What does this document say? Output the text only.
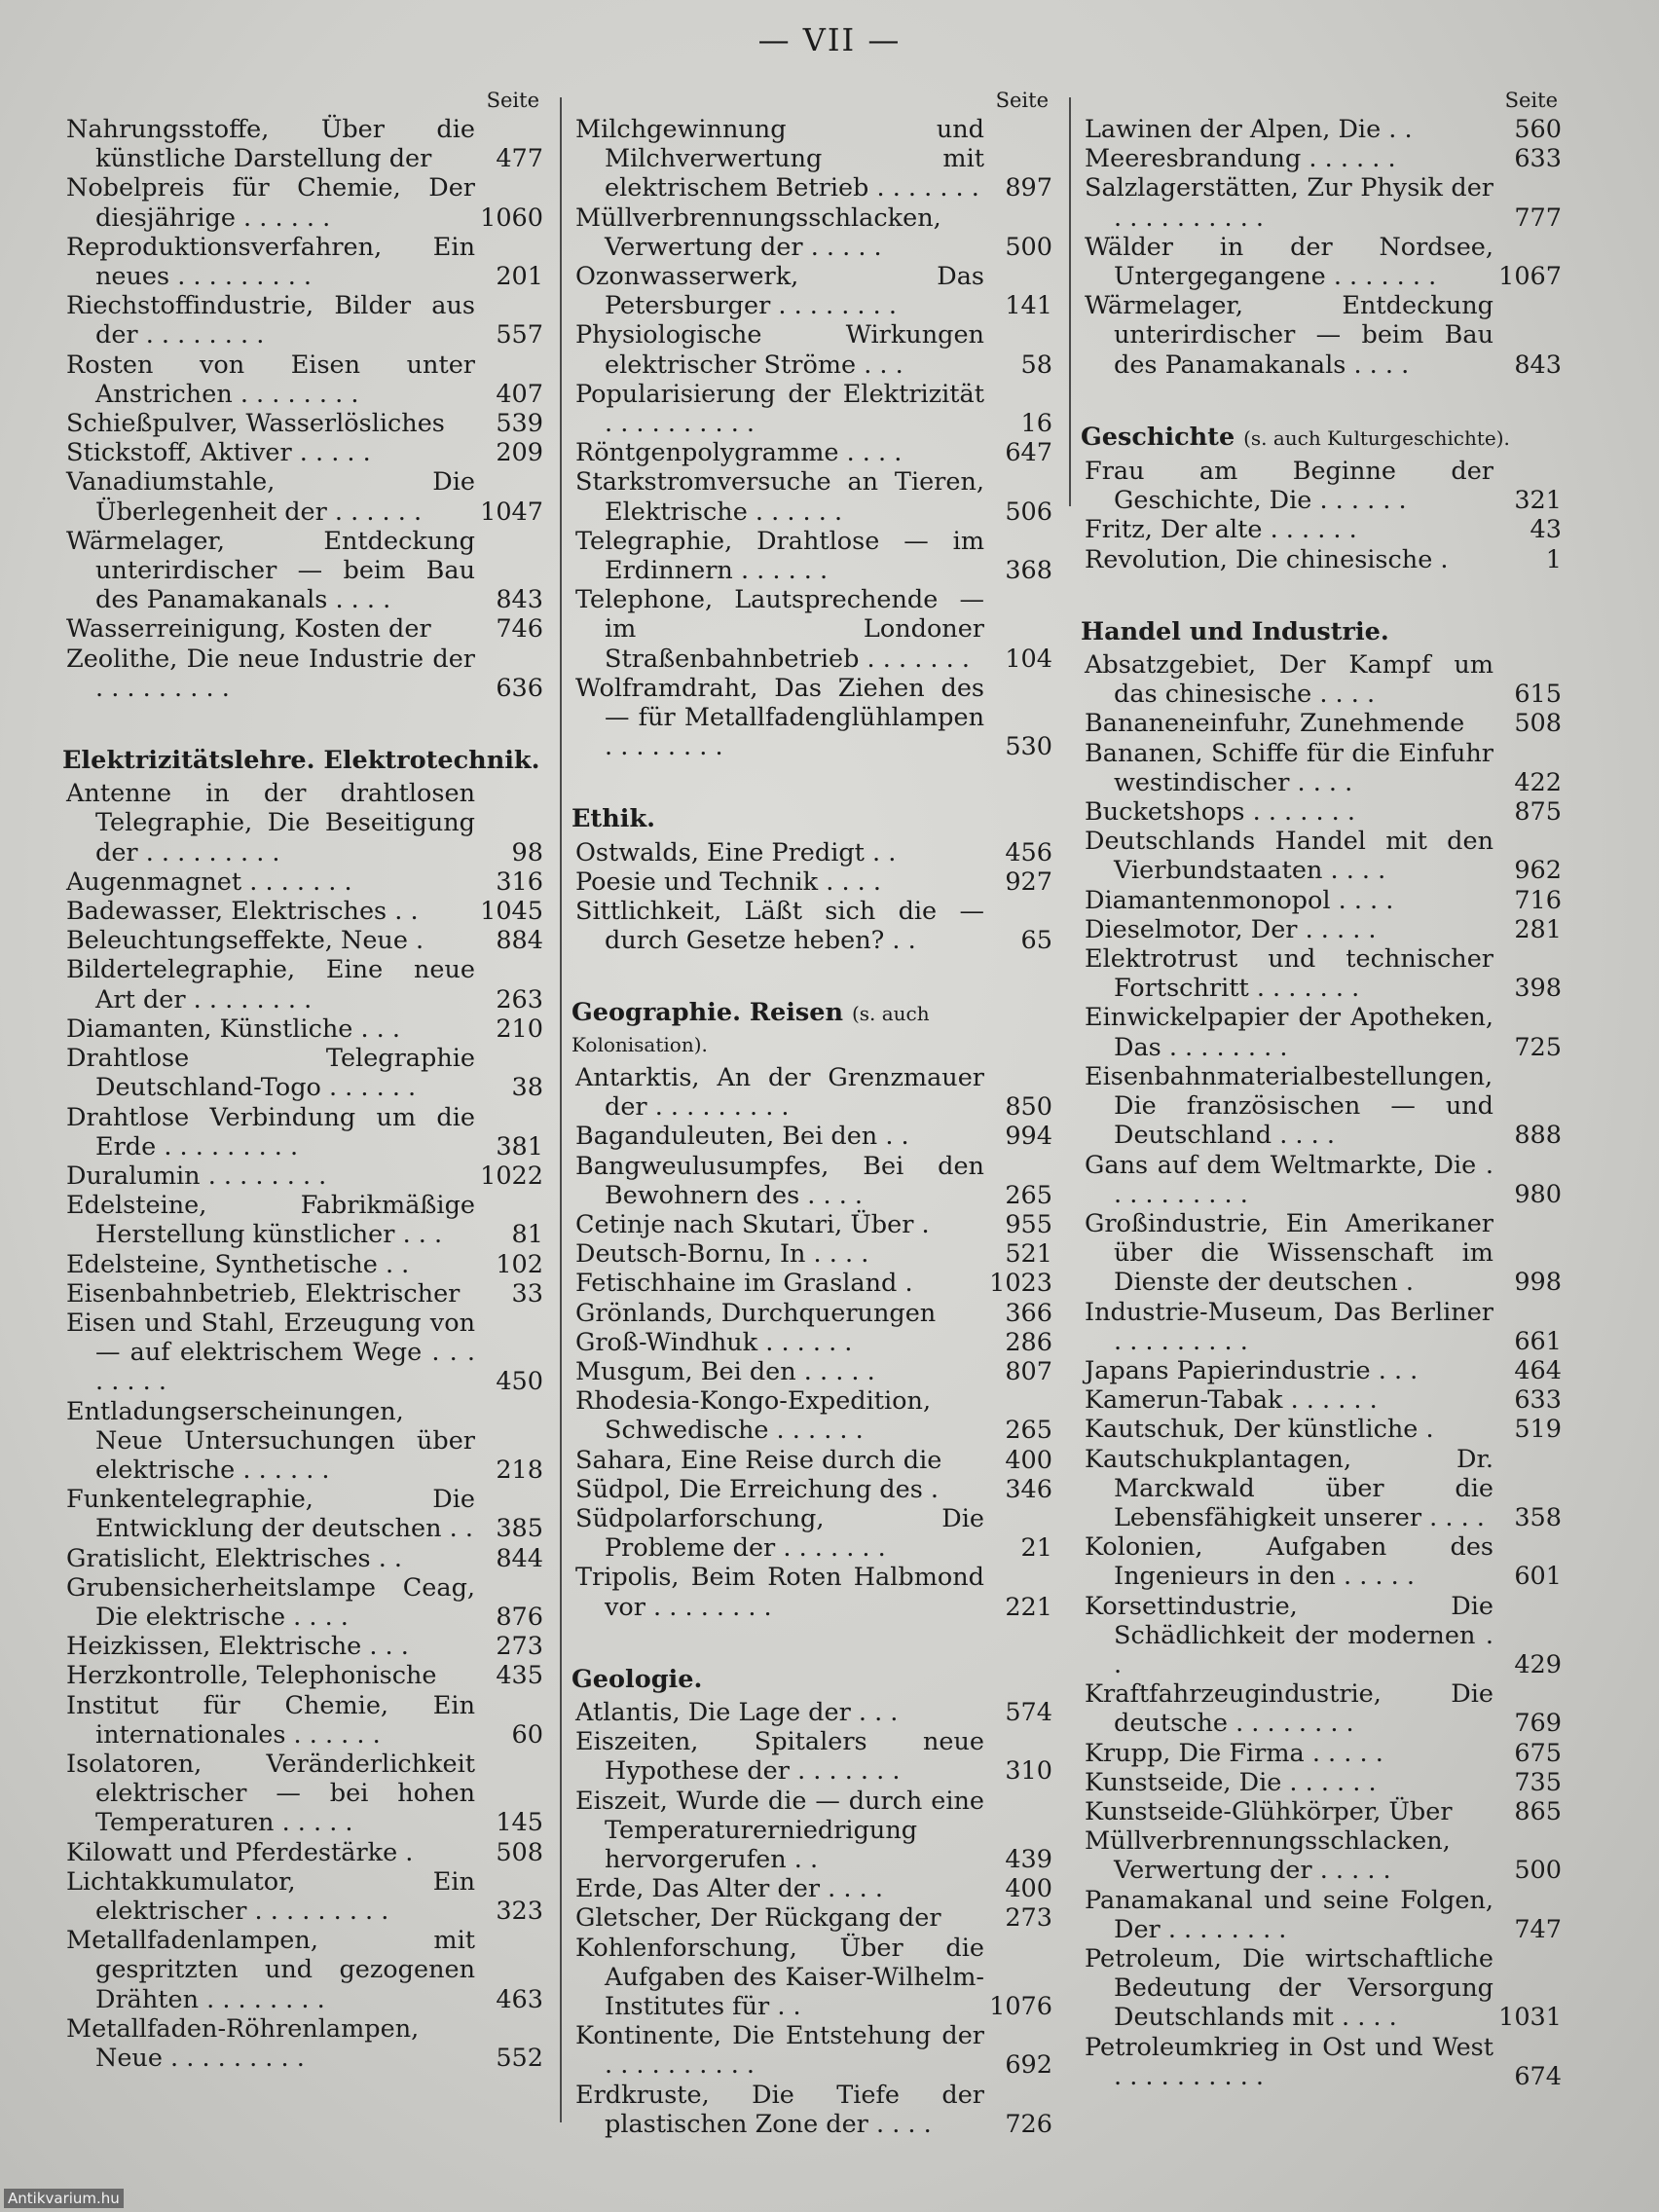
— VII —
Seite
Nahrungsstoffe, Über die künstliche Darstellung der	477
Nobelpreis für Chemie, Der diesjährige . . . . . .	1060
Reproduktionsverfahren, Ein neues . . . . . . . . .	201
Riechstoffindustrie, Bilder aus der . . . . . . . .	557
Rosten von Eisen unter Anstrichen . . . . . . . .	407
Schießpulver, Wasserlösliches	539
Stickstoff, Aktiver . . . . .	209
Vanadiumstahle, Die Überlegenheit der . . . . . .	1047
Wärmelager, Entdeckung unterirdischer — beim Bau des Panamakanals . . . .	843
Wasserreinigung, Kosten der	746
Zeolithe, Die neue Industrie der . . . . . . . . .	636
Elektrizitätslehre. Elektrotechnik.
Antenne in der drahtlosen Telegraphie, Die Beseitigung der . . . . . . . . .	98
Augenmagnet . . . . . . .	316
Badewasser, Elektrisches . .	1045
Beleuchtungseffekte, Neue .	884
Bildertelegraphie, Eine neue Art der . . . . . . . .	263
Diamanten, Künstliche . . .	210
Drahtlose Telegraphie Deutschland-Togo . . . . . .	38
Drahtlose Verbindung um die Erde . . . . . . . . .	381
Duralumin . . . . . . . .	1022
Edelsteine, Fabrikmäßige Herstellung künstlicher . . .	81
Edelsteine, Synthetische . .	102
Eisenbahnbetrieb, Elektrischer	33
Eisen und Stahl, Erzeugung von — auf elektrischem Wege . . . . . . . .	450
Entladungserscheinungen, Neue Untersuchungen über elektrische . . . . . .	218
Funkentelegraphie, Die Entwicklung der deutschen . . 385
Gratislicht, Elektrisches . .	844
Grubensicherheitslampe Ceag, Die elektrische . . . .	876
Heizkissen, Elektrische . . .	273
Herzkontrolle, Telephonische	435
Institut für Chemie, Ein internationales . . . . . .	60
Isolatoren, Veränderlichkeit elektrischer — bei hohen Temperaturen . . . . .	145
Kilowatt und Pferdestärke .	508
Lichtakkumulator, Ein elektrischer . . . . . . . . .	323
Metallfadenlampen, mit gespritzten und gezogenen Drähten . . . . . . . .	463
Metallfaden-Röhrenlampen, Neue . . . . . . . . .	552
Seite
Milchgewinnung und Milchverwertung mit elektrischem Betrieb . . . . . . .	897
Müllverbrennungsschlacken, Verwertung der . . . . .	500
Ozonwasserwerk, Das Petersburger . . . . . . . .	141
Physiologische Wirkungen elektrischer Ströme . . .	58
Popularisierung der Elektrizität . . . . . . . . . .	16
Röntgenpolygramme . . . .	647
Starkstromversuche an Tieren, Elektrische . . . . . .	506
Telegraphie, Drahtlose — im Erdinnern . . . . . .	368
Telephone, Lautsprechende — im Londoner Straßenbahnbetrieb . . . . . . .	104
Wolframdraht, Das Ziehen des — für Metallfadenglühlampen . . . . . . . .	530
Ethik.
Ostwalds, Eine Predigt . .	456
Poesie und Technik . . . .	927
Sittlichkeit, Läßt sich die — durch Gesetze heben? . .	65
Geographie. Reisen (s. auch Kolonisation).
Antarktis, An der Grenzmauer der . . . . . . . . .	850
Baganduleuten, Bei den . .	994
Bangweulusumpfes, Bei den Bewohnern des . . . .	265
Cetinje nach Skutari, Über .	955
Deutsch-Bornu, In . . . .	521
Fetischhaine im Grasland .	1023
Grönlands, Durchquerungen	366
Groß-Windhuk . . . . . .	286
Musgum, Bei den . . . . .	807
Rhodesia-Kongo-Expedition, Schwedische . . . . . .	265
Sahara, Eine Reise durch die	400
Südpol, Die Erreichung des .	346
Südpolarforschung, Die Probleme der . . . . . . .	21
Tripolis, Beim Roten Halbmond vor . . . . . . . .	221
Geologie.
Atlantis, Die Lage der . . .	574
Eiszeiten, Spitalers neue Hypothese der . . . . . . .	310
Eiszeit, Wurde die — durch eine Temperaturerniedrigung hervorgerufen . .	439
Erde, Das Alter der . . . .	400
Gletscher, Der Rückgang der	273
Kohlenforschung, Über die Aufgaben des Kaiser-Wilhelm-Institutes für . .	1076
Kontinente, Die Entstehung der . . . . . . . . . .	692
Erdkruste, Die Tiefe der plastischen Zone der . . . .	726
Seite
Lawinen der Alpen, Die . .	560
Meeresbrandung . . . . . .	633
Salzlagerstätten, Zur Physik der . . . . . . . . . .	777
Wälder in der Nordsee, Untergegangene . . . . . . .	1067
Wärmelager, Entdeckung unterirdischer — beim Bau des Panamakanals . . . .	843
Geschichte (s. auch Kulturgeschichte).
Frau am Beginne der Geschichte, Die . . . . . .	321
Fritz, Der alte . . . . . .	43
Revolution, Die chinesische .	1
Handel und Industrie.
Absatzgebiet, Der Kampf um das chinesische . . . .	615
Bananeneinfuhr, Zunehmende	508
Bananen, Schiffe für die Einfuhr westindischer . . . .	422
Bucketshops . . . . . . .	875
Deutschlands Handel mit den Vierbundstaaten . . . .	962
Diamantenmonopol . . . .	716
Dieselmotor, Der . . . . .	281
Elektrotrust und technischer Fortschritt . . . . . . .	398
Einwickelpapier der Apotheken, Das . . . . . . . .	725
Eisenbahnmaterialbestellungen, Die französischen — und Deutschland . . . .	888
Gans auf dem Weltmarkte, Die . . . . . . . . . .	980
Großindustrie, Ein Amerikaner über die Wissenschaft im Dienste der deutschen .	998
Industrie-Museum, Das Berliner . . . . . . . . .	661
Japans Papierindustrie . . .	464
Kamerun-Tabak . . . . . .	633
Kautschuk, Der künstliche .	519
Kautschukplantagen, Dr. Marckwald über die Lebensfähigkeit unserer . . . .	358
Kolonien, Aufgaben des Ingenieurs in den . . . . .	601
Korsettindustrie, Die Schädlichkeit der modernen . .	429
Kraftfahrzeugindustrie, Die deutsche . . . . . . . .	769
Krupp, Die Firma . . . . .	675
Kunstseide, Die . . . . . .	735
Kunstseide-Glühkörper, Über	865
Müllverbrennungsschlacken, Verwertung der . . . . .	500
Panamakanal und seine Folgen, Der . . . . . . . .	747
Petroleum, Die wirtschaftliche Bedeutung der Versorgung Deutschlands mit . . . .	1031
Petroleumkrieg in Ost und West . . . . . . . . . .	674
Antikvarium.hu
